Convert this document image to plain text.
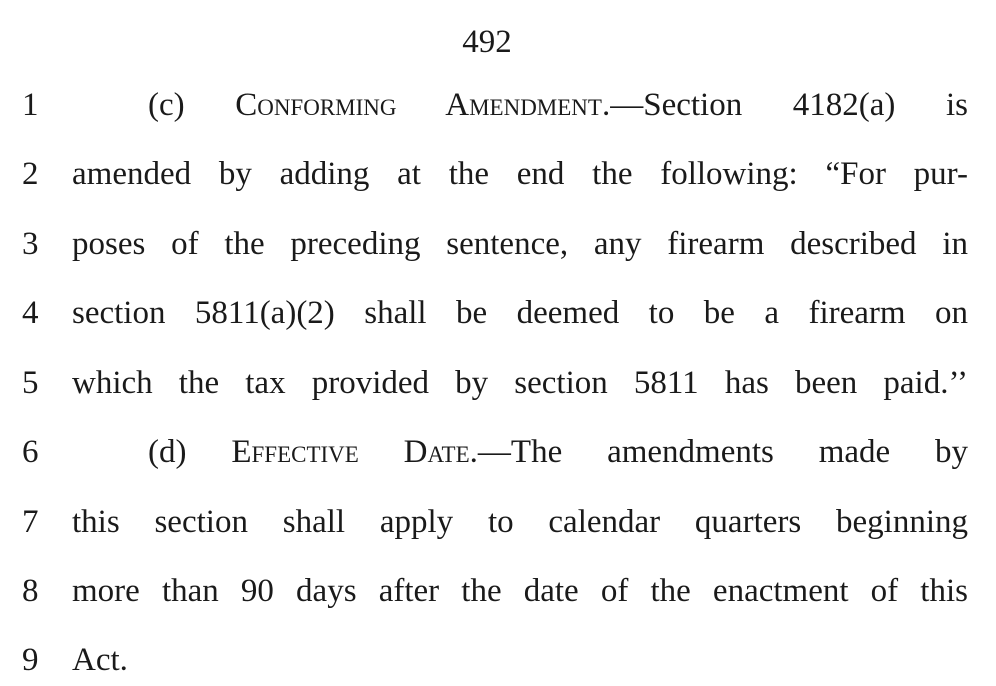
492
1	(c) Conforming Amendment.—Section 4182(a) is
2	amended by adding at the end the following: “For pur-
3	poses of the preceding sentence, any firearm described in
4	section 5811(a)(2) shall be deemed to be a firearm on
5	which the tax provided by section 5811 has been paid.’’
6	(d) Effective Date.—The amendments made by
7	this section shall apply to calendar quarters beginning
8	more than 90 days after the date of the enactment of this
9	Act.
